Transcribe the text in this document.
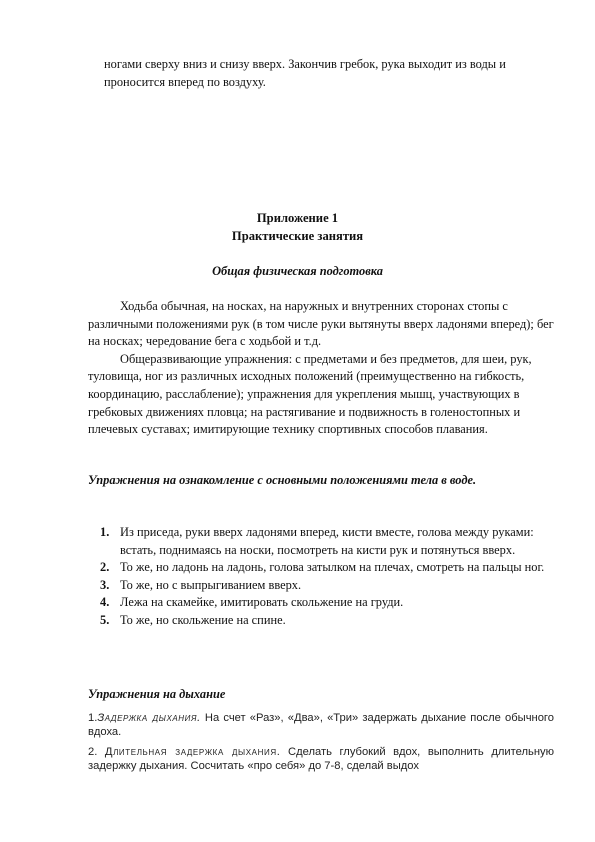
ногами сверху вниз и снизу вверх. Закончив гребок, рука выходит из воды и проносится вперед по воздуху.

Приложение 1

Практические занятия

Общая физическая подготовка

Ходьба обычная, на носках, на наружных и внутренних сторонах стопы с различными положениями рук (в том числе руки вытянуты вверх ладонями вперед); бег на носках; чередование бега с ходьбой и т.д.
Общеразвивающие упражнения: с предметами и без предметов, для шеи, рук, туловища, ног из различных исходных положений (преимущественно на гибкость, координацию, расслабление); упражнения для укрепления мышц, участвующих в гребковых движениях пловца; на растягивание и подвижность в голеностопных и плечевых суставах; имитирующие технику спортивных способов плавания.

Упражнения на ознакомление с основными положениями тела в воде.

1. Из приседа, руки вверх ладонями вперед, кисти вместе, голова между руками: встать, поднимаясь на носки, посмотреть на кисти рук и потянуться вверх.
2. То же, но ладонь на ладонь, голова затылком на плечах, смотреть на пальцы ног.
3. То же, но с выпрыгиванием вверх.
4. Лежа на скамейке, имитировать скольжение на груди.
5. То же, но скольжение на спине.

Упражнения на дыхание

1.Задержка дыхания. На счет «Раз», «Два», «Три» задержать дыхание после обычного вдоха.

2. Длительная задержка дыхания. Сделать глубокий вдох, выполнить длительную задержку дыхания. Сосчитать «про себя» до 7-8, сделай выдох
